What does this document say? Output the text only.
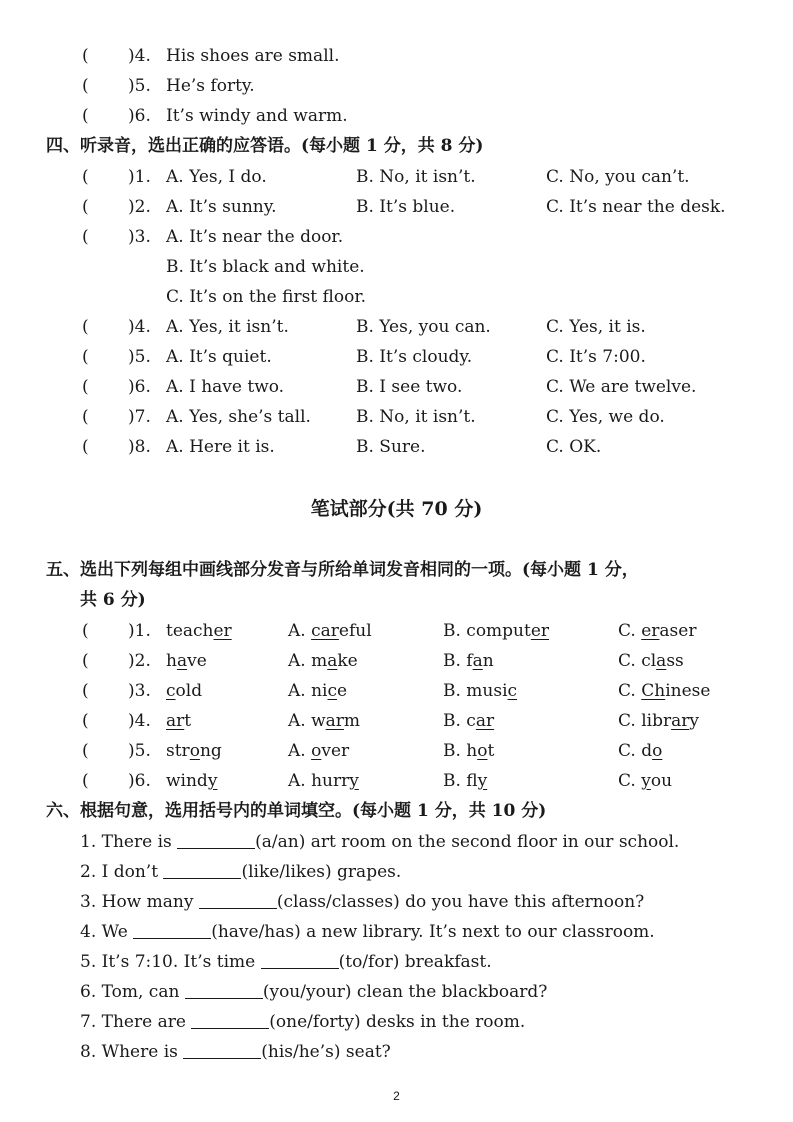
( )4. His shoes are small.
( )5. He’s forty.
( )6. It’s windy and warm.
四、听录音，选出正确的应答语。(每小题 1 分，共 8 分)
( )1. A. Yes, I do.	B. No, it isn’t.	C. No, you can’t.
( )2. A. It’s sunny.	B. It’s blue.	C. It’s near the desk.
( )3. A. It’s near the door.
B. It’s black and white.
C. It’s on the first floor.
( )4. A. Yes, it isn’t.	B. Yes, you can.	C. Yes, it is.
( )5. A. It’s quiet.	B. It’s cloudy.	C. It’s 7:00.
( )6. A. I have two.	B. I see two.	C. We are twelve.
( )7. A. Yes, she’s tall.	B. No, it isn’t.	C. Yes, we do.
( )8. A. Here it is.	B. Sure.	C. OK.
笔试部分(共 70 分)
五、选出下列每组中画线部分发音与所给单词发音相同的一项。(每小题 1 分，
共 6 分)
( )1. teacher	A. careful	B. computer	C. eraser
( )2. have	A. make	B. fan	C. class
( )3. cold	A. nice	B. music	C. Chinese
( )4. art	A. warm	B. car	C. library
( )5. strong	A. over	B. hot	C. do
( )6. windy	A. hurry	B. fly	C. you
六、根据句意，选用括号内的单词填空。(每小题 1 分，共 10 分)
1. There is	(a/an) art room on the second floor in our school.
2. I don’t	(like/likes) grapes.
3. How many	(class/classes) do you have this afternoon?
4. We	(have/has) a new library. It’s next to our classroom.
5. It’s 7:10. It’s time	(to/for) breakfast.
6. Tom, can	(you/your) clean the blackboard?
7. There are	(one/forty) desks in the room.
8. Where is	(his/he’s) seat?
2
